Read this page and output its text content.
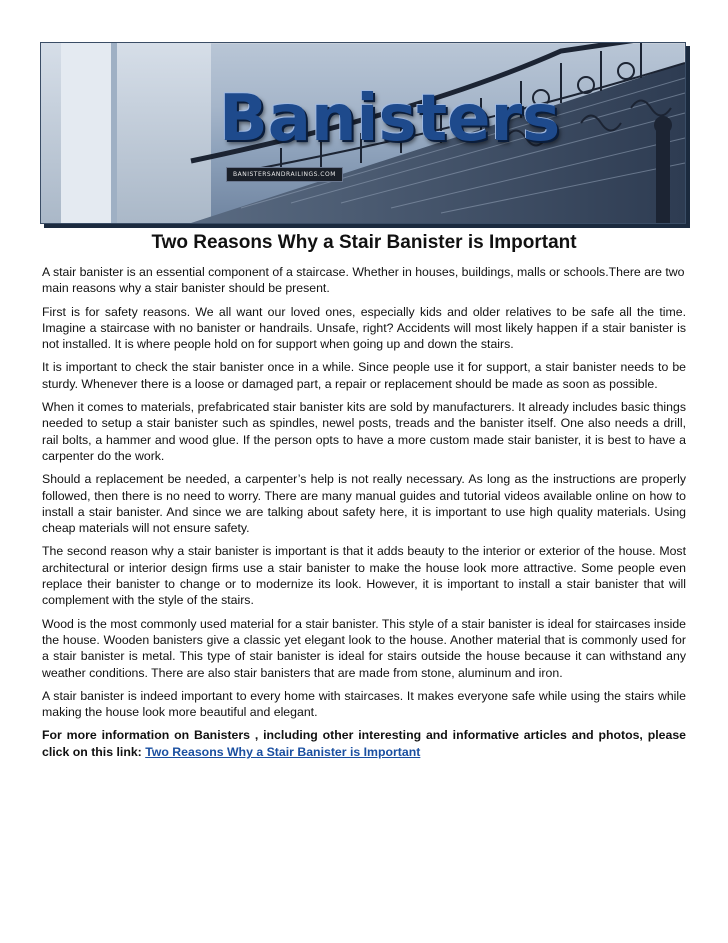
Banisters
BANISTERSANDRAILINGS.COM
Two Reasons Why a Stair Banister is Important

A stair banister is an essential component of a staircase. Whether in houses, buildings, malls or schools.There are two main reasons why a stair banister should be present.

First is for safety reasons. We all want our loved ones, especially kids and older relatives to be safe all the time. Imagine a staircase with no banister or handrails. Unsafe, right? Accidents will most likely happen if a stair banister is not installed. It is where people hold on for support when going up and down the stairs.

It is important to check the stair banister once in a while. Since people use it for support, a stair banister needs to be sturdy. Whenever there is a loose or damaged part, a repair or replacement should be made as soon as possible.

When it comes to materials, prefabricated stair banister kits are sold by manufacturers. It already includes basic things needed to setup a stair banister such as spindles, newel posts, treads and the banister itself. One also needs a drill, rail bolts, a hammer and wood glue. If the person opts to have a more custom made stair banister, it is best to have a carpenter do the work.

Should a replacement be needed, a carpenter’s help is not really necessary. As long as the instructions are properly followed, then there is no need to worry. There are many manual guides and tutorial videos available online on how to install a stair banister. And since we are talking about safety here, it is important to use high quality materials. Using cheap materials will not ensure safety.

The second reason why a stair banister is important is that it adds beauty to the interior or exterior of the house. Most architectural or interior design firms use a stair banister to make the house look more attractive. Some people even replace their banister to change or to modernize its look. However, it is important to install a stair banister that will complement with the style of the stairs.

Wood is the most commonly used material for a stair banister. This style of a stair banister is ideal for staircases inside the house. Wooden banisters give a classic yet elegant look to the house. Another material that is commonly used for a stair banister is metal. This type of stair banister is ideal for stairs outside the house because it can withstand any weather conditions. There are also stair banisters that are made from stone, aluminum and iron.

A stair banister is indeed important to every home with staircases. It makes everyone safe while using the stairs while making the house look more beautiful and elegant.

For more information on Banisters , including other interesting and informative articles and photos, please click on this link: Two Reasons Why a Stair Banister is Important
